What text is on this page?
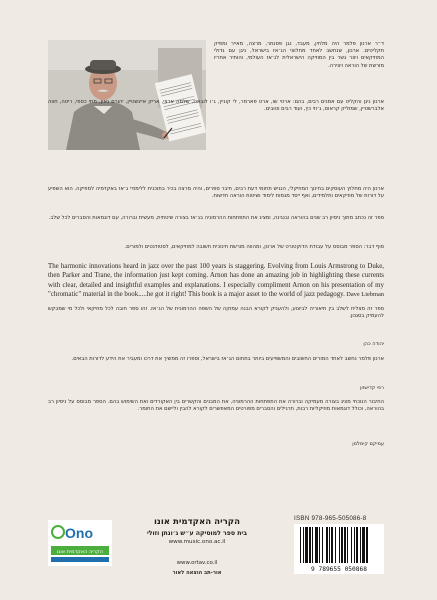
ד״ר ארנון פלמר היה מלחין, מעבד, נגן פסנתר, מרצה, מאייר ומפיק תקליטים. ארנון, שנחשב לאחד מחלוצי הג׳אז בישראל, ניגן עם גדולי המוזיקאים ויצר גשר בין המוזיקה הישראלית לג׳אז העולמי, והותיר אחריו מורשת של הוראה ויצירה.
ארנון ניגן והקליט עם אמנים רבים, בהם: ארטי שו, ארט פארמר, לי קוניץ, ג׳ו לובאנו, שלמה ארצי, אריק איינשטיין, יהורם גאון, מתי כספי, ריטה, חווה אלברשטיין, שמוליק קראוס, ג׳וזי כץ, ועוד רבים וטובים.
ארנון היה מחלוץ העוסקים בחינוך המוזיקלי, הנגיש תחומי דעת רבים, חיבר ספרים, והיה מרצה בכיר בתוכנית ללימודי ג׳אז באקדמיה למוזיקה. הוא השפיע על דורות של מוזיקאים ותלמידים, ואף ייסד מגמות לימוד ושיטות הוראה חדשות.
ספר זה נכתב מתוך ניסיון רב שנים בהוראה ובנגינה, ומציג את התפתחות ההרמוניה בג׳אז בצורה שיטתית, מעשית וברורה, עם דוגמאות והסברים לכל שלב.
סוף דבר: הספר מבוסס על עבודת הדוקטורט של ארנון, ומהווה מורשת חינוכית חשובה למוזיקאים, לסטודנטים ולמורים.
The harmonic innovations heard in jazz over the past 100 years is staggering. Evolving from Louis Armstrong to Duke, then Parker and Trane, the information just kept coming. Arnon has done an amazing job in highlighting these currents with clear, detailed and insightful examples and explanations. I especially compliment Arnon on his presentation of my "chromatic" material in the book.....he got it right! This book is a major asset to the world of jazz pedagogy. Dave Liebman
ספר זה מצליח לשלב בין תיאוריה לביצוע, ולהעניק לקורא הבנה עמוקה של השפה ההרמונית של הג׳אז. זהו ספר חובה לכל מוזיקאי ולכל מי שמבקש להעמיק בסגנון.
יהודה כהן
ארנון פלמר נחשב לאחד המורים החשובים והמשפיעים ביותר בתחום הג׳אז בישראל, וספרו זה ממשיך את דרכו ומעביר את הידע לדורות הבאים.
רפי קדישזון
החיבור הנוכחי מציג בצורה מעמיקה וברורה את התפתחות ההרמוניה, את המבנים והקשרים בין האקורדים ואת השימוש בהם. הספר מבוסס על ניסיון רב בהוראה, וכולל דוגמאות מוזיקליות רבות, תרגילים והסברים מפורטים המאפשרים לקורא להבין וליישם את החומר.
עמיקם קימלמן
Ono
הקריה האקדמית אונו
הקריה האקדמית אונו
בית ספר למוסיקה ע״ש ג׳ונתן וזולי
www.music.ono.ac.il
www.ortav.co.il
אור-תב הוצאה לאור
ISBN 978-965-505086-8
9 789655 050868
